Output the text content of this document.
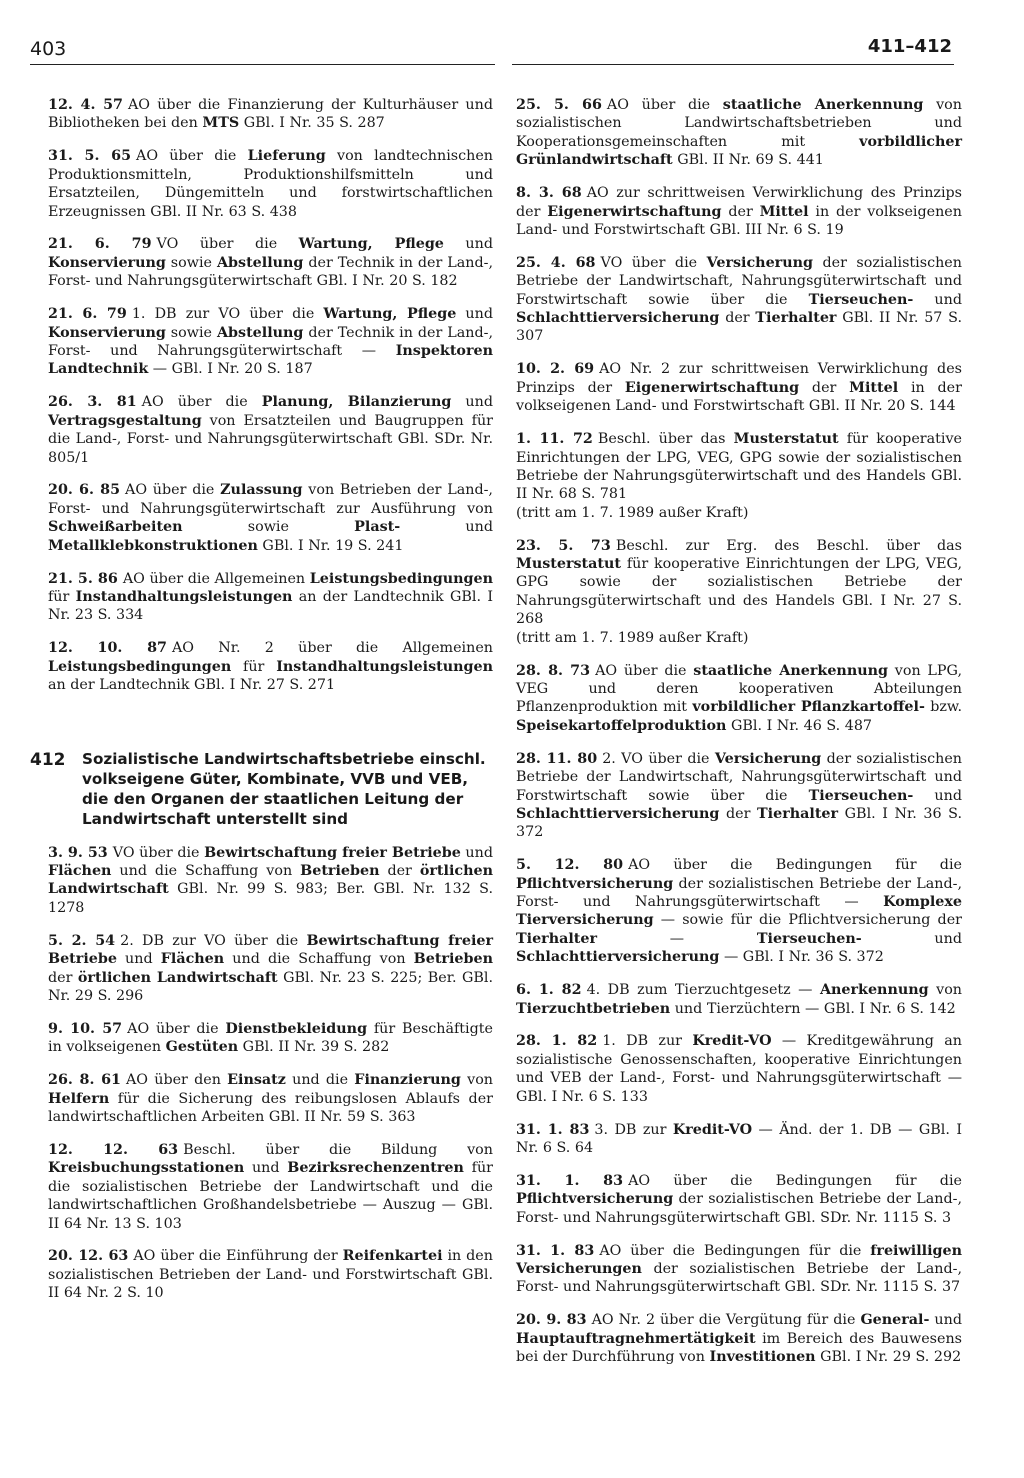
403	411–412

12. 4. 57 AO über die Finanzierung der Kulturhäuser und Bibliotheken bei den MTS GBl. I Nr. 35 S. 287

31. 5. 65 AO über die Lieferung von landtechnischen Produktionsmitteln, Produktionshilfsmitteln und Ersatzteilen, Düngemitteln und forstwirtschaftlichen Erzeugnissen GBl. II Nr. 63 S. 438

21. 6. 79 VO über die Wartung, Pflege und Konservierung sowie Abstellung der Technik in der Land-, Forst- und Nahrungsgüterwirtschaft GBl. I Nr. 20 S. 182

21. 6. 79 1. DB zur VO über die Wartung, Pflege und Konservierung sowie Abstellung der Technik in der Land-, Forst- und Nahrungsgüterwirtschaft — Inspektoren Landtechnik — GBl. I Nr. 20 S. 187

26. 3. 81 AO über die Planung, Bilanzierung und Vertragsgestaltung von Ersatzteilen und Baugruppen für die Land-, Forst- und Nahrungsgüterwirtschaft GBl. SDr. Nr. 805/1

20. 6. 85 AO über die Zulassung von Betrieben der Land-, Forst- und Nahrungsgüterwirtschaft zur Ausführung von Schweißarbeiten sowie Plast- und Metallklebkonstruktionen GBl. I Nr. 19 S. 241

21. 5. 86 AO über die Allgemeinen Leistungsbedingungen für Instandhaltungsleistungen an der Landtechnik GBl. I Nr. 23 S. 334

12. 10. 87 AO Nr. 2 über die Allgemeinen Leistungsbedingungen für Instandhaltungsleistungen an der Landtechnik GBl. I Nr. 27 S. 271

412	Sozialistische Landwirtschaftsbetriebe einschl. volkseigene Güter, Kombinate, VVB und VEB, die den Organen der staatlichen Leitung der Landwirtschaft unterstellt sind

3. 9. 53 VO über die Bewirtschaftung freier Betriebe und Flächen und die Schaffung von Betrieben der örtlichen Landwirtschaft GBl. Nr. 99 S. 983; Ber. GBl. Nr. 132 S. 1278

5. 2. 54 2. DB zur VO über die Bewirtschaftung freier Betriebe und Flächen und die Schaffung von Betrieben der örtlichen Landwirtschaft GBl. Nr. 23 S. 225; Ber. GBl. Nr. 29 S. 296

9. 10. 57 AO über die Dienstbekleidung für Beschäftigte in volkseigenen Gestüten GBl. II Nr. 39 S. 282

26. 8. 61 AO über den Einsatz und die Finanzierung von Helfern für die Sicherung des reibungslosen Ablaufs der landwirtschaftlichen Arbeiten GBl. II Nr. 59 S. 363

12. 12. 63 Beschl. über die Bildung von Kreisbuchungsstationen und Bezirksrechenzentren für die sozialistischen Betriebe der Landwirtschaft und die landwirtschaftlichen Großhandelsbetriebe — Auszug — GBl. II 64 Nr. 13 S. 103

20. 12. 63 AO über die Einführung der Reifenkartei in den sozialistischen Betrieben der Land- und Forstwirtschaft GBl. II 64 Nr. 2 S. 10

25. 5. 66 AO über die staatliche Anerkennung von sozialistischen Landwirtschaftsbetrieben und Kooperationsgemeinschaften mit vorbildlicher Grünlandwirtschaft GBl. II Nr. 69 S. 441

8. 3. 68 AO zur schrittweisen Verwirklichung des Prinzips der Eigenerwirtschaftung der Mittel in der volkseigenen Land- und Forstwirtschaft GBl. III Nr. 6 S. 19

25. 4. 68 VO über die Versicherung der sozialistischen Betriebe der Landwirtschaft, Nahrungsgüterwirtschaft und Forstwirtschaft sowie über die Tierseuchen- und Schlachttierversicherung der Tierhalter GBl. II Nr. 57 S. 307

10. 2. 69 AO Nr. 2 zur schrittweisen Verwirklichung des Prinzips der Eigenerwirtschaftung der Mittel in der volkseigenen Land- und Forstwirtschaft GBl. II Nr. 20 S. 144

1. 11. 72 Beschl. über das Musterstatut für kooperative Einrichtungen der LPG, VEG, GPG sowie der sozialistischen Betriebe der Nahrungsgüterwirtschaft und des Handels GBl. II Nr. 68 S. 781
(tritt am 1. 7. 1989 außer Kraft)

23. 5. 73 Beschl. zur Erg. des Beschl. über das Musterstatut für kooperative Einrichtungen der LPG, VEG, GPG sowie der sozialistischen Betriebe der Nahrungsgüterwirtschaft und des Handels GBl. I Nr. 27 S. 268
(tritt am 1. 7. 1989 außer Kraft)

28. 8. 73 AO über die staatliche Anerkennung von LPG, VEG und deren kooperativen Abteilungen Pflanzenproduktion mit vorbildlicher Pflanzkartoffel- bzw. Speisekartoffelproduktion GBl. I Nr. 46 S. 487

28. 11. 80 2. VO über die Versicherung der sozialistischen Betriebe der Landwirtschaft, Nahrungsgüterwirtschaft und Forstwirtschaft sowie über die Tierseuchen- und Schlachttierversicherung der Tierhalter GBl. I Nr. 36 S. 372

5. 12. 80 AO über die Bedingungen für die Pflichtversicherung der sozialistischen Betriebe der Land-, Forst- und Nahrungsgüterwirtschaft — Komplexe Tierversicherung — sowie für die Pflichtversicherung der Tierhalter — Tierseuchen- und Schlachttierversicherung — GBl. I Nr. 36 S. 372

6. 1. 82 4. DB zum Tierzuchtgesetz — Anerkennung von Tierzuchtbetrieben und Tierzüchtern — GBl. I Nr. 6 S. 142

28. 1. 82 1. DB zur Kredit-VO — Kreditgewährung an sozialistische Genossenschaften, kooperative Einrichtungen und VEB der Land-, Forst- und Nahrungsgüterwirtschaft — GBl. I Nr. 6 S. 133

31. 1. 83 3. DB zur Kredit-VO — Änd. der 1. DB — GBl. I Nr. 6 S. 64

31. 1. 83 AO über die Bedingungen für die Pflichtversicherung der sozialistischen Betriebe der Land-, Forst- und Nahrungsgüterwirtschaft GBl. SDr. Nr. 1115 S. 3

31. 1. 83 AO über die Bedingungen für die freiwilligen Versicherungen der sozialistischen Betriebe der Land-, Forst- und Nahrungsgüterwirtschaft GBl. SDr. Nr. 1115 S. 37

20. 9. 83 AO Nr. 2 über die Vergütung für die General- und Hauptauftragnehmertätigkeit im Bereich des Bauwesens bei der Durchführung von Investitionen GBl. I Nr. 29 S. 292
